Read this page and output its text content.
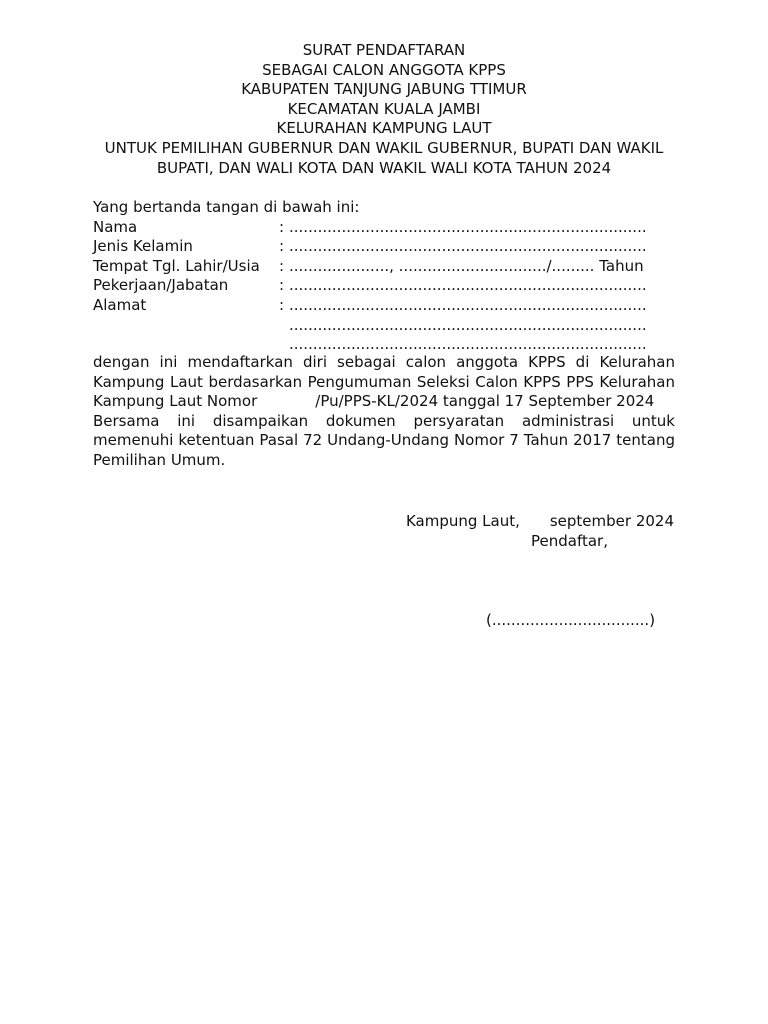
SURAT PENDAFTARAN
SEBAGAI CALON ANGGOTA KPPS
KABUPATEN TANJUNG JABUNG TTIMUR
KECAMATAN KUALA JAMBI
KELURAHAN KAMPUNG LAUT
UNTUK PEMILIHAN GUBERNUR DAN WAKIL GUBERNUR, BUPATI DAN WAKIL
BUPATI, DAN WALI KOTA DAN WAKIL WALI KOTA TAHUN 2024
Yang bertanda tangan di bawah ini:
Nama	: ...........................................................................
Jenis Kelamin	: ...........................................................................
Tempat Tgl. Lahir/Usia	: ....................., .............................../......... Tahun
Pekerjaan/Jabatan	: ...........................................................................
Alamat	: ...........................................................................
...........................................................................
...........................................................................
dengan ini mendaftarkan diri sebagai calon anggota KPPS di Kelurahan Kampung Laut berdasarkan Pengumuman Seleksi Calon KPPS PPS Kelurahan Kampung Laut Nomor	/Pu/PPS-KL/2024 tanggal 17 September 2024
Bersama ini disampaikan dokumen persyaratan administrasi untuk memenuhi ketentuan Pasal 72 Undang-Undang Nomor 7 Tahun 2017 tentang Pemilihan Umum.
Kampung Laut, september 2024
Pendaftar,
(.................................)
